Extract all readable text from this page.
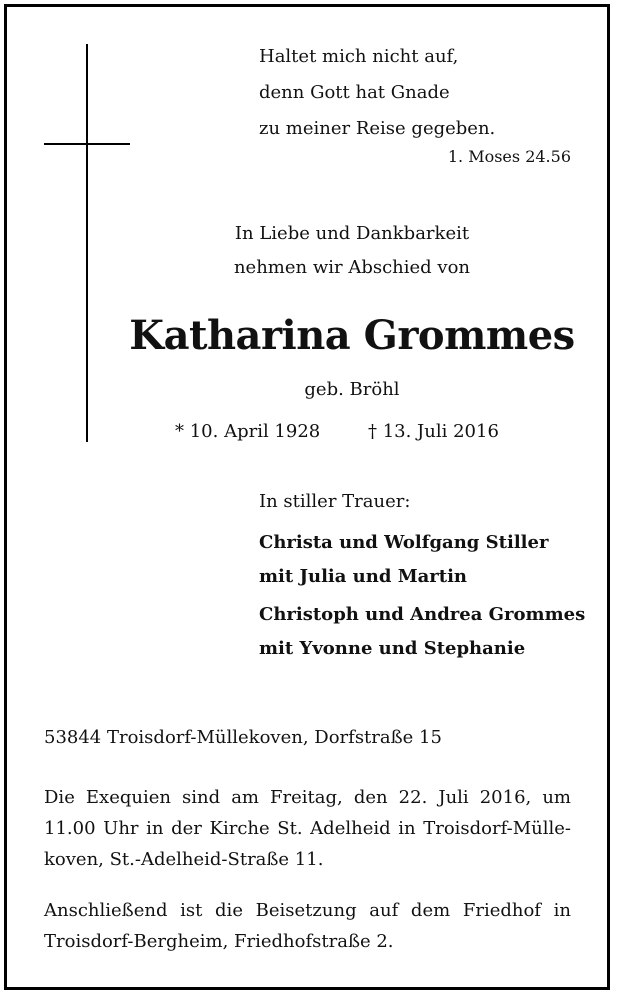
Haltet mich nicht auf,
denn Gott hat Gnade
zu meiner Reise gegeben.
1. Moses 24.56
In Liebe und Dankbarkeit
nehmen wir Abschied von
Katharina Grommes
geb. Bröhl
* 10. April 1928	† 13. Juli 2016
In stiller Trauer:
Christa und Wolfgang Stiller
mit Julia und Martin
Christoph und Andrea Grommes
mit Yvonne und Stephanie
53844 Troisdorf-Müllekoven, Dorfstraße 15
Die Exequien sind am Freitag, den 22. Juli 2016, um
11.00 Uhr in der Kirche St. Adelheid in Troisdorf-Mülle-
koven, St.-Adelheid-Straße 11.
Anschließend ist die Beisetzung auf dem Friedhof in
Troisdorf-Bergheim, Friedhofstraße 2.
